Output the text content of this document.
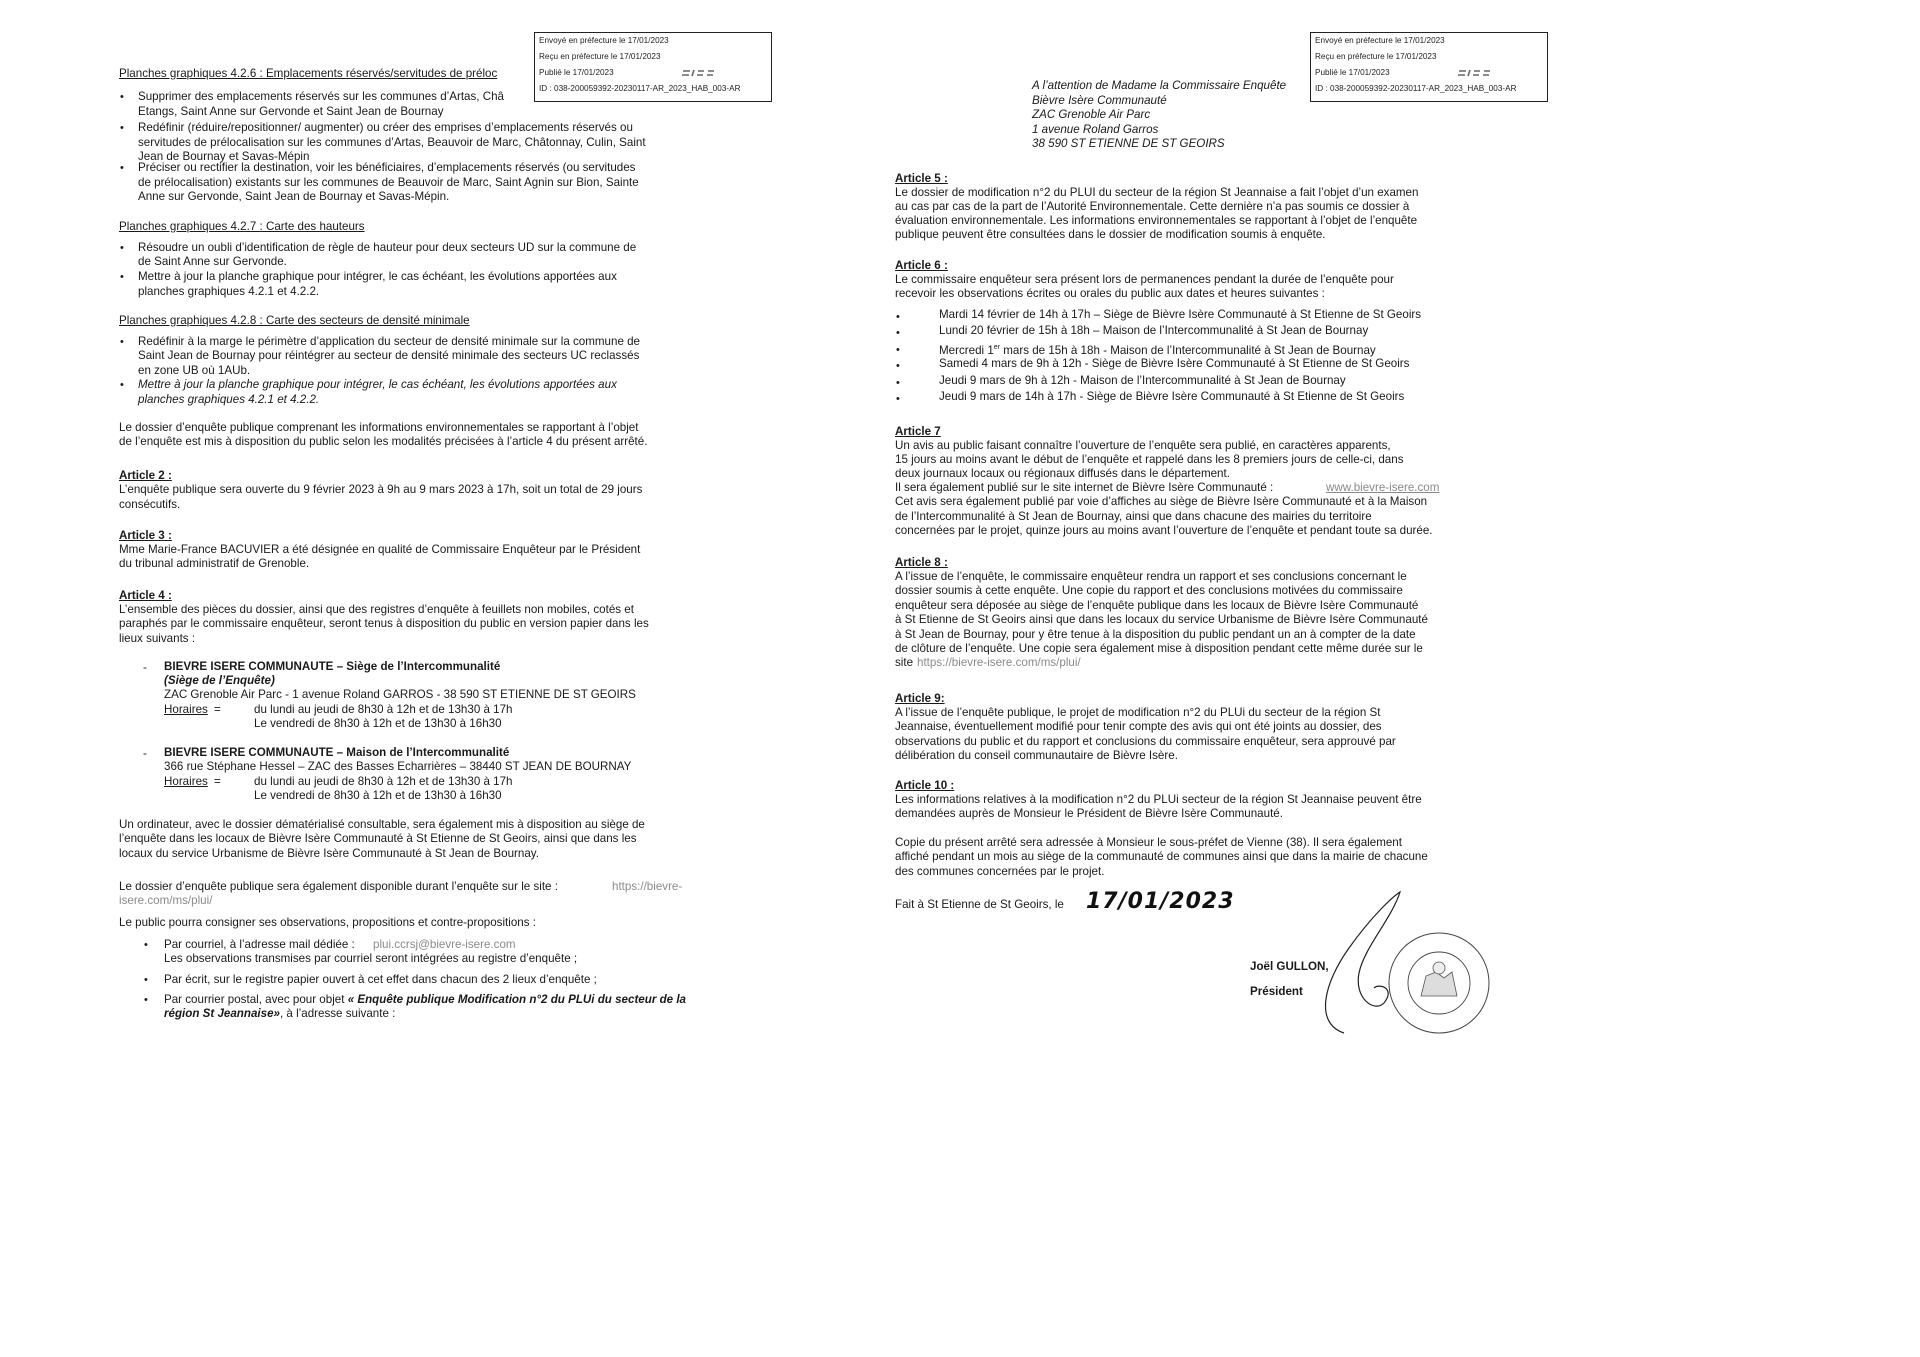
Envoyé en préfecture le 17/01/2023
Reçu en préfecture le 17/01/2023
Publié le 17/01/2023
ID : 038-200059392-20230117-AR_2023_HAB_003-AR
Planches graphiques 4.2.6 : Emplacements réservés/servitudes de préloc
• Supprimer des emplacements réservés sur les communes d’Artas, Châ
Etangs, Saint Anne sur Gervonde et Saint Jean de Bournay
• Redéfinir (réduire/repositionner/ augmenter) ou créer des emprises d’emplacements réservés ou
servitudes de prélocalisation sur les communes d’Artas, Beauvoir de Marc, Châtonnay, Culin, Saint
Jean de Bournay et Savas-Mépin
• Préciser ou rectifier la destination, voir les bénéficiaires, d’emplacements réservés (ou servitudes
de prélocalisation) existants sur les communes de Beauvoir de Marc, Saint Agnin sur Bion, Sainte
Anne sur Gervonde, Saint Jean de Bournay et Savas-Mépin.
Planches graphiques 4.2.7 : Carte des hauteurs
• Résoudre un oubli d’identification de règle de hauteur pour deux secteurs UD sur la commune de
de Saint Anne sur Gervonde.
• Mettre à jour la planche graphique pour intégrer, le cas échéant, les évolutions apportées aux
planches graphiques 4.2.1 et 4.2.2.
Planches graphiques 4.2.8 : Carte des secteurs de densité minimale
• Redéfinir à la marge le périmètre d’application du secteur de densité minimale sur la commune de
Saint Jean de Bournay pour réintégrer au secteur de densité minimale des secteurs UC reclassés
en zone UB où 1AUb.
• Mettre à jour la planche graphique pour intégrer, le cas échéant, les évolutions apportées aux
planches graphiques 4.2.1 et 4.2.2.
Le dossier d’enquête publique comprenant les informations environnementales se rapportant à l’objet
de l’enquête est mis à disposition du public selon les modalités précisées à l’article 4 du présent arrêté.
Article 2 :
L’enquête publique sera ouverte du 9 février 2023 à 9h au 9 mars 2023 à 17h, soit un total de 29 jours
consécutifs.
Article 3 :
Mme Marie-France BACUVIER a été désignée en qualité de Commissaire Enquêteur par le Président
du tribunal administratif de Grenoble.
Article 4 :
L’ensemble des pièces du dossier, ainsi que des registres d’enquête à feuillets non mobiles, cotés et
paraphés par le commissaire enquêteur, seront tenus à disposition du public en version papier dans les
lieux suivants :
- BIEVRE ISERE COMMUNAUTE – Siège de l’Intercommunalité
(Siège de l’Enquête)
ZAC Grenoble Air Parc - 1 avenue Roland GARROS - 38 590 ST ETIENNE DE ST GEOIRS
Horaires =	du lundi au jeudi de 8h30 à 12h et de 13h30 à 17h
Le vendredi de 8h30 à 12h et de 13h30 à 16h30
- BIEVRE ISERE COMMUNAUTE – Maison de l’Intercommunalité
366 rue Stéphane Hessel – ZAC des Basses Echarrières – 38440 ST JEAN DE BOURNAY
Horaires =	du lundi au jeudi de 8h30 à 12h et de 13h30 à 17h
Le vendredi de 8h30 à 12h et de 13h30 à 16h30
Un ordinateur, avec le dossier dématérialisé consultable, sera également mis à disposition au siège de
l’enquête dans les locaux de Bièvre Isère Communauté à St Etienne de St Geoirs, ainsi que dans les
locaux du service Urbanisme de Bièvre Isère Communauté à St Jean de Bournay.
Le dossier d’enquête publique sera également disponible durant l’enquête sur le site :	https://bievre-
isere.com/ms/plui/
Le public pourra consigner ses observations, propositions et contre-propositions :
• Par courriel, à l’adresse mail dédiée : plui.ccrsj@bievre-isere.com
Les observations transmises par courriel seront intégrées au registre d’enquête ;
• Par écrit, sur le registre papier ouvert à cet effet dans chacun des 2 lieux d’enquête ;
• Par courrier postal, avec pour objet « Enquête publique Modification n°2 du PLUi du secteur de la
région St Jeannaise», à l’adresse suivante :
Envoyé en préfecture le 17/01/2023
Reçu en préfecture le 17/01/2023
Publié le 17/01/2023
ID : 038-200059392-20230117-AR_2023_HAB_003-AR
A l’attention de Madame la Commissaire Enquête
Bièvre Isère Communauté
ZAC Grenoble Air Parc
1 avenue Roland Garros
38 590 ST ETIENNE DE ST GEOIRS
Article 5 :
Le dossier de modification n°2 du PLUI du secteur de la région St Jeannaise a fait l’objet d’un examen
au cas par cas de la part de l’Autorité Environnementale. Cette dernière n’a pas soumis ce dossier à
évaluation environnementale. Les informations environnementales se rapportant à l’objet de l’enquête
publique peuvent être consultées dans le dossier de modification soumis à enquête.
Article 6 :
Le commissaire enquêteur sera présent lors de permanences pendant la durée de l’enquête pour
recevoir les observations écrites ou orales du public aux dates et heures suivantes :
•	Mardi 14 février de 14h à 17h – Siège de Bièvre Isère Communauté à St Etienne de St Geoirs
•	Lundi 20 février de 15h à 18h – Maison de l’Intercommunalité à St Jean de Bournay
•	Mercredi 1er mars de 15h à 18h - Maison de l’Intercommunalité à St Jean de Bournay
•	Samedi 4 mars de 9h à 12h - Siège de Bièvre Isère Communauté à St Etienne de St Geoirs
•	Jeudi 9 mars de 9h à 12h - Maison de l’Intercommunalité à St Jean de Bournay
•	Jeudi 9 mars de 14h à 17h - Siège de Bièvre Isère Communauté à St Etienne de St Geoirs
Article 7
Un avis au public faisant connaître l’ouverture de l’enquête sera publié, en caractères apparents,
15 jours au moins avant le début de l’enquête et rappelé dans les 8 premiers jours de celle-ci, dans
deux journaux locaux ou régionaux diffusés dans le département.
Il sera également publié sur le site internet de Bièvre Isère Communauté :	www.bievre-isere.com
Cet avis sera également publié par voie d’affiches au siège de Bièvre Isère Communauté et à la Maison
de l’Intercommunalité à St Jean de Bournay, ainsi que dans chacune des mairies du territoire
concernées par le projet, quinze jours au moins avant l’ouverture de l’enquête et pendant toute sa durée.
Article 8 :
A l’issue de l’enquête, le commissaire enquêteur rendra un rapport et ses conclusions concernant le
dossier soumis à cette enquête. Une copie du rapport et des conclusions motivées du commissaire
enquêteur sera déposée au siège de l’enquête publique dans les locaux de Bièvre Isère Communauté
à St Etienne de St Geoirs ainsi que dans les locaux du service Urbanisme de Bièvre Isère Communauté
à St Jean de Bournay, pour y être tenue à la disposition du public pendant un an à compter de la date
de clôture de l’enquête. Une copie sera également mise à disposition pendant cette même durée sur le
site https://bievre-isere.com/ms/plui/
Article 9:
A l’issue de l’enquête publique, le projet de modification n°2 du PLUi du secteur de la région St
Jeannaise, éventuellement modifié pour tenir compte des avis qui ont été joints au dossier, des
observations du public et du rapport et conclusions du commissaire enquêteur, sera approuvé par
délibération du conseil communautaire de Bièvre Isère.
Article 10 :
Les informations relatives à la modification n°2 du PLUi secteur de la région St Jeannaise peuvent être
demandées auprès de Monsieur le Président de Bièvre Isère Communauté.
Copie du présent arrêté sera adressée à Monsieur le sous-préfet de Vienne (38). Il sera également
affiché pendant un mois au siège de la communauté de communes ainsi que dans la mairie de chacune
des communes concernées par le projet.
Fait à St Etienne de St Geoirs, le 17/01/2023
Joël GULLON,
Président
